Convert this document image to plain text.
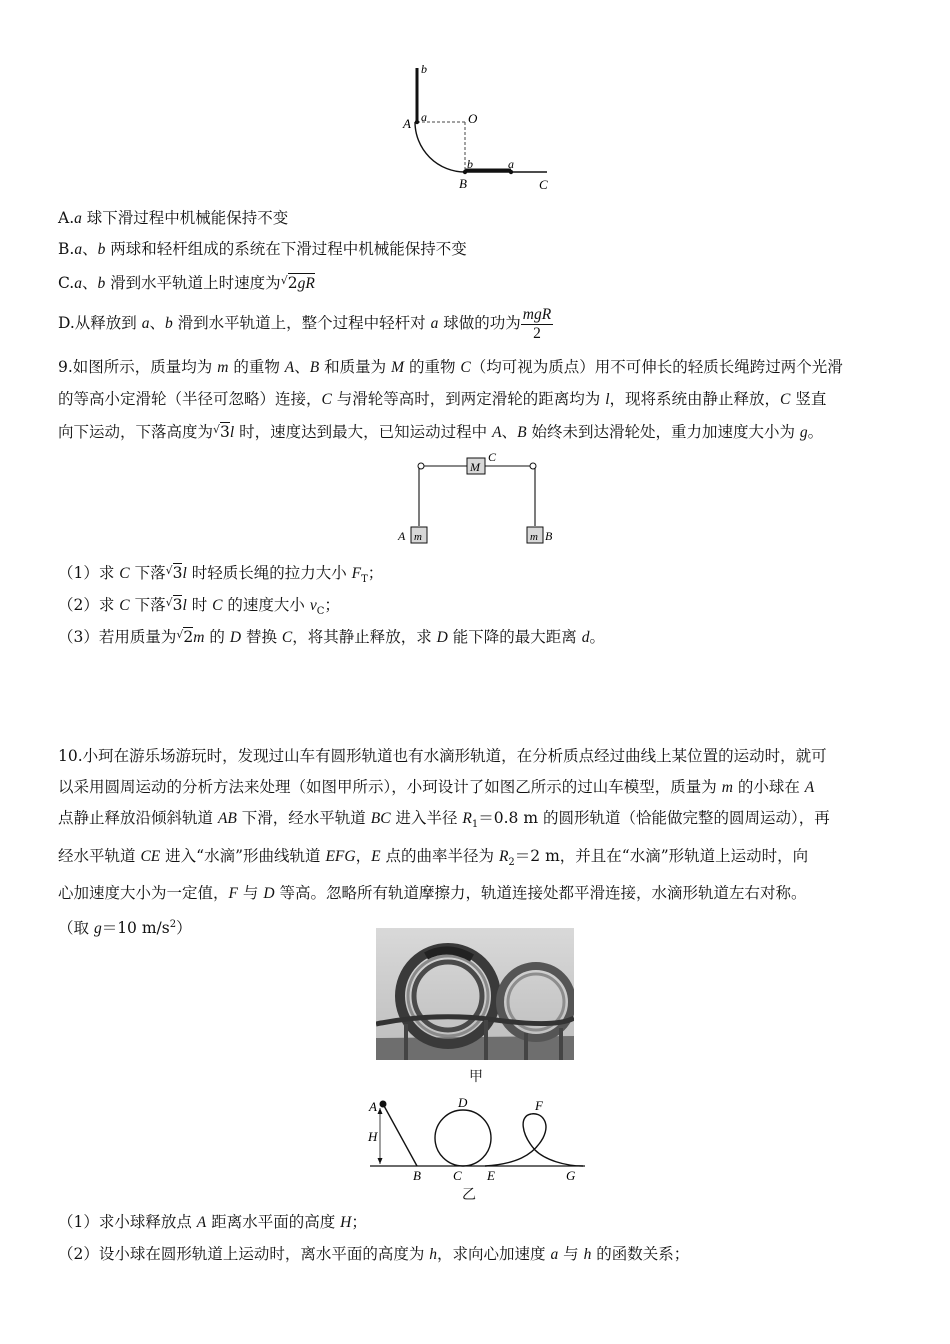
b
A a	O
b	a
B	C
A.a 球下滑过程中机械能保持不变
B.a、b 两球和轻杆组成的系统在下滑过程中机械能保持不变
C.a、b 滑到水平轨道上时速度为√2gR
D.从释放到 a、b 滑到水平轨道上，整个过程中轻杆对 a 球做的功为 $\frac{\text{mgR}}{2}$
9.如图所示，质量均为 m 的重物 A、B 和质量为 M 的重物 C（均可视为质点）用不可伸长的轻质长绳跨过两个光滑
的等高小定滑轮（半径可忽略）连接，C 与滑轮等高时，到两定滑轮的距离均为 l，现将系统由静止释放，C 竖直
向下运动，下落高度为√3l 时，速度达到最大，已知运动过程中 A、B 始终未到达滑轮处，重力加速度大小为 g。
M
C
A m	m B
（1）求 C 下落√3l 时轻质长绳的拉力大小 $F_T$；
（2）求 C 下落√3l 时 C 的速度大小 $v_C$；
（3）若用质量为√2m 的 D 替换 C，将其静止释放，求 D 能下降的最大距离 d。
10.小珂在游乐场游玩时，发现过山车有圆形轨道也有水滴形轨道，在分析质点经过曲线上某位置的运动时，就可
以采用圆周运动的分析方法来处理（如图甲所示），小珂设计了如图乙所示的过山车模型，质量为 m 的小球在 A
点静止释放沿倾斜轨道 AB 下滑，经水平轨道 BC 进入半径 $R_1=0.8$ m 的圆形轨道（恰能做完整的圆周运动），再
经水平轨道 CE 进入“水滴”形曲线轨道 EFG，E 点的曲率半径为 $R_2=2$ m，并且在“水滴”形轨道上运动时，向
心加速度大小为一定值，F 与 D 等高。忽略所有轨道摩擦力，轨道连接处都平滑连接，水滴形轨道左右对称。
（取 g＝10 $m/s^2$）
甲
A	D	F
H
B C E	G
乙
（1）求小球释放点 A 距离水平面的高度 H；
（2）设小球在圆形轨道上运动时，离水平面的高度为 h，求向心加速度 a 与 h 的函数关系；
